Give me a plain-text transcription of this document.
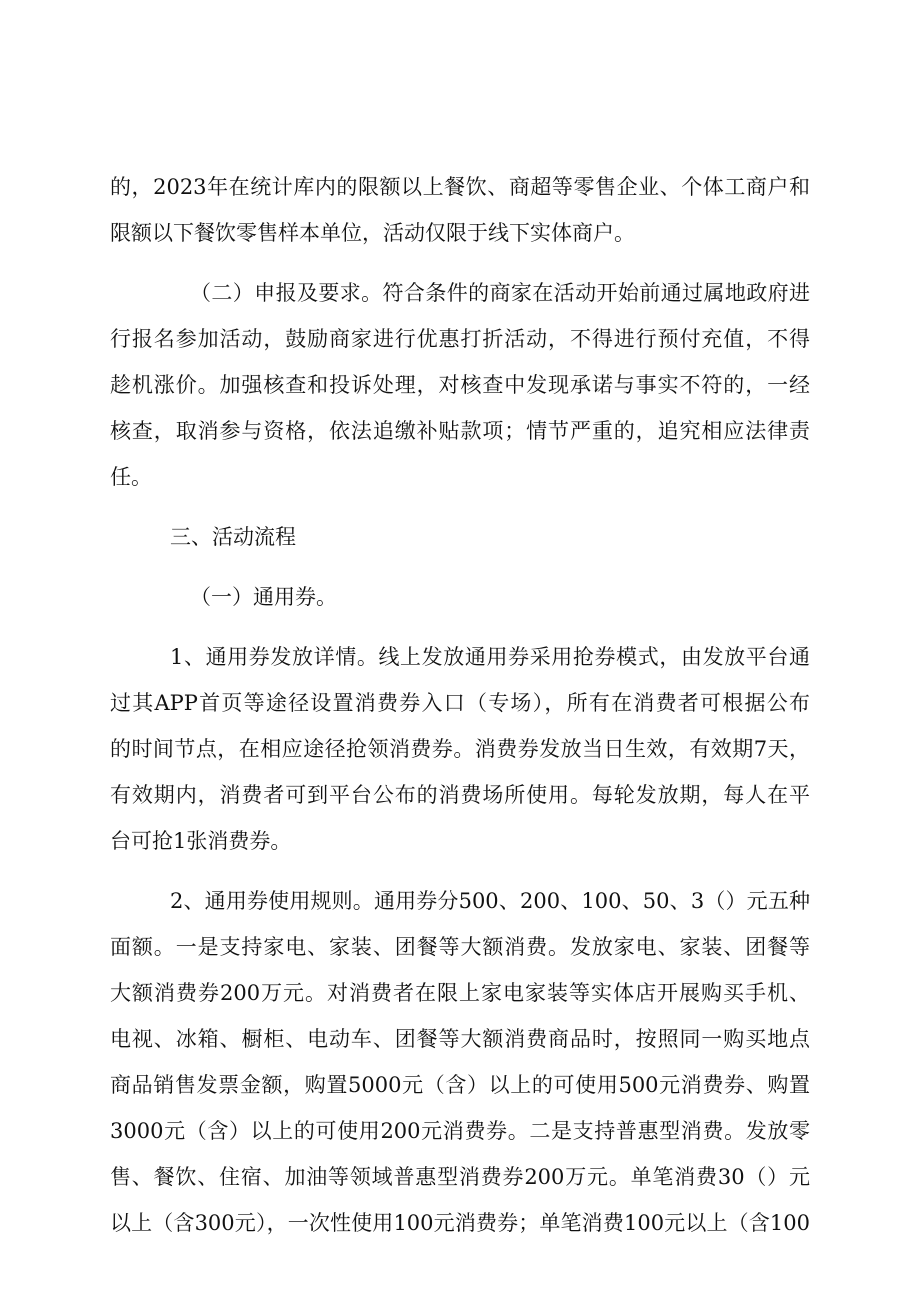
的，2023年在统计库内的限额以上餐饮、商超等零售企业、个体工商户和
限额以下餐饮零售样本单位，活动仅限于线下实体商户。
（二）申报及要求。符合条件的商家在活动开始前通过属地政府进
行报名参加活动，鼓励商家进行优惠打折活动，不得进行预付充值，不得
趁机涨价。加强核查和投诉处理，对核查中发现承诺与事实不符的，一经
核查，取消参与资格，依法追缴补贴款项；情节严重的，追究相应法律责
任。
三、活动流程
（一）通用券。
1、通用券发放详情。线上发放通用券采用抢券模式，由发放平台通
过其APP首页等途径设置消费券入口（专场），所有在消费者可根据公布
的时间节点，在相应途径抢领消费券。消费券发放当日生效，有效期7天，
有效期内，消费者可到平台公布的消费场所使用。每轮发放期，每人在平
台可抢1张消费券。
2、通用券使用规则。通用券分500、200、100、50、3（）元五种
面额。一是支持家电、家装、团餐等大额消费。发放家电、家装、团餐等
大额消费券200万元。对消费者在限上家电家装等实体店开展购买手机、
电视、冰箱、橱柜、电动车、团餐等大额消费商品时，按照同一购买地点
商品销售发票金额，购置5000元（含）以上的可使用500元消费券、购置
3000元（含）以上的可使用200元消费券。二是支持普惠型消费。发放零
售、餐饮、住宿、加油等领域普惠型消费券200万元。单笔消费30（）元
以上（含300元），一次性使用100元消费券；单笔消费100元以上（含100
